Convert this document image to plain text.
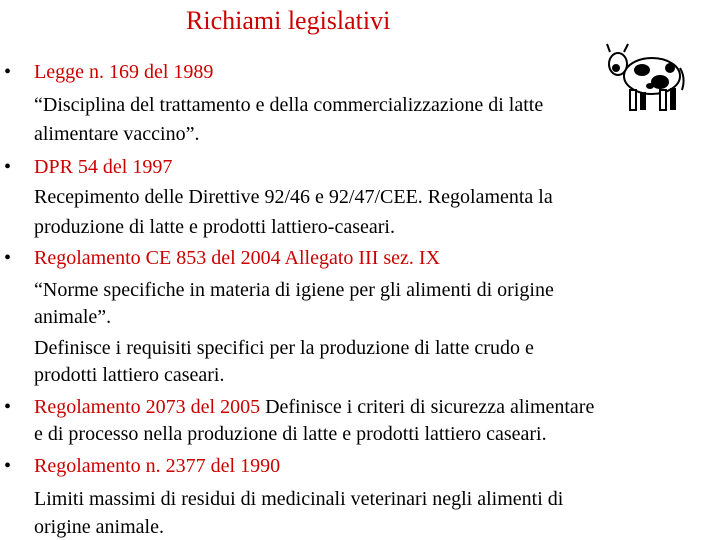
Richiami legislativi
• Legge n. 169 del 1989
“Disciplina del trattamento e della commercializzazione di latte
alimentare vaccino”.
• DPR 54 del 1997
Recepimento delle Direttive 92/46 e 92/47/CEE. Regolamenta la
produzione di latte e prodotti lattiero-caseari.
• Regolamento CE 853 del 2004 Allegato III sez. IX
“Norme specifiche in materia di igiene per gli alimenti di origine
animale”.
Definisce i requisiti specifici per la produzione di latte crudo e
prodotti lattiero caseari.
• Regolamento 2073 del 2005 Definisce i criteri di sicurezza alimentare
e di processo nella produzione di latte e prodotti lattiero caseari.
• Regolamento n. 2377 del 1990
Limiti massimi di residui di medicinali veterinari negli alimenti di
origine animale.
